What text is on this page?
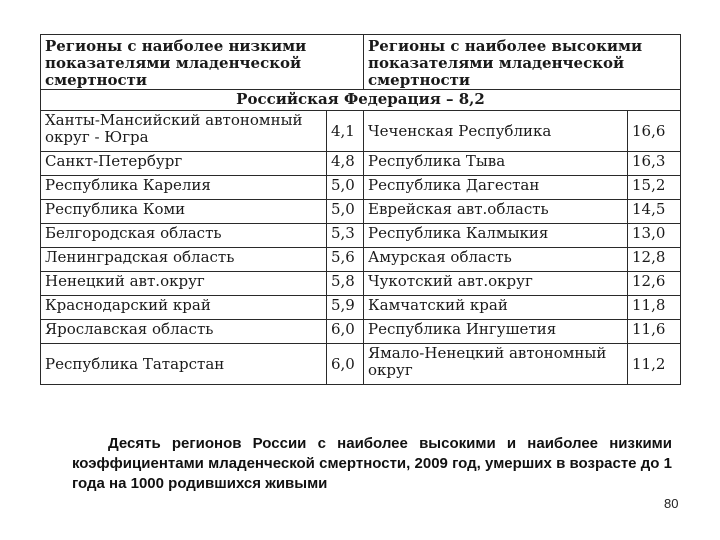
Регионы с наиболее низкими показателями младенческой смертности		Регионы с наиболее высокими показателями младенческой смертности	
Российская Федерация – 8,2			
Ханты-Мансийский автономный округ - Югра	4,1	Чеченская Республика	16,6
Санкт-Петербург	4,8	Республика Тыва	16,3
Республика Карелия	5,0	Республика Дагестан	15,2
Республика Коми	5,0	Еврейская авт.область	14,5
Белгородская область	5,3	Республика Калмыкия	13,0
Ленинградская область	5,6	Амурская область	12,8
Ненецкий авт.округ	5,8	Чукотский авт.округ	12,6
Краснодарский край	5,9	Камчатский край	11,8
Ярославская область	6,0	Республика Ингушетия	11,6
Республика Татарстан	6,0	Ямало-Ненецкий автономный округ	11,2
Десять регионов России с наиболее высокими и наиболее низкими коэффициентами младенческой смертности, 2009 год, умерших в возрасте до 1 года на 1000 родившихся живыми
80
